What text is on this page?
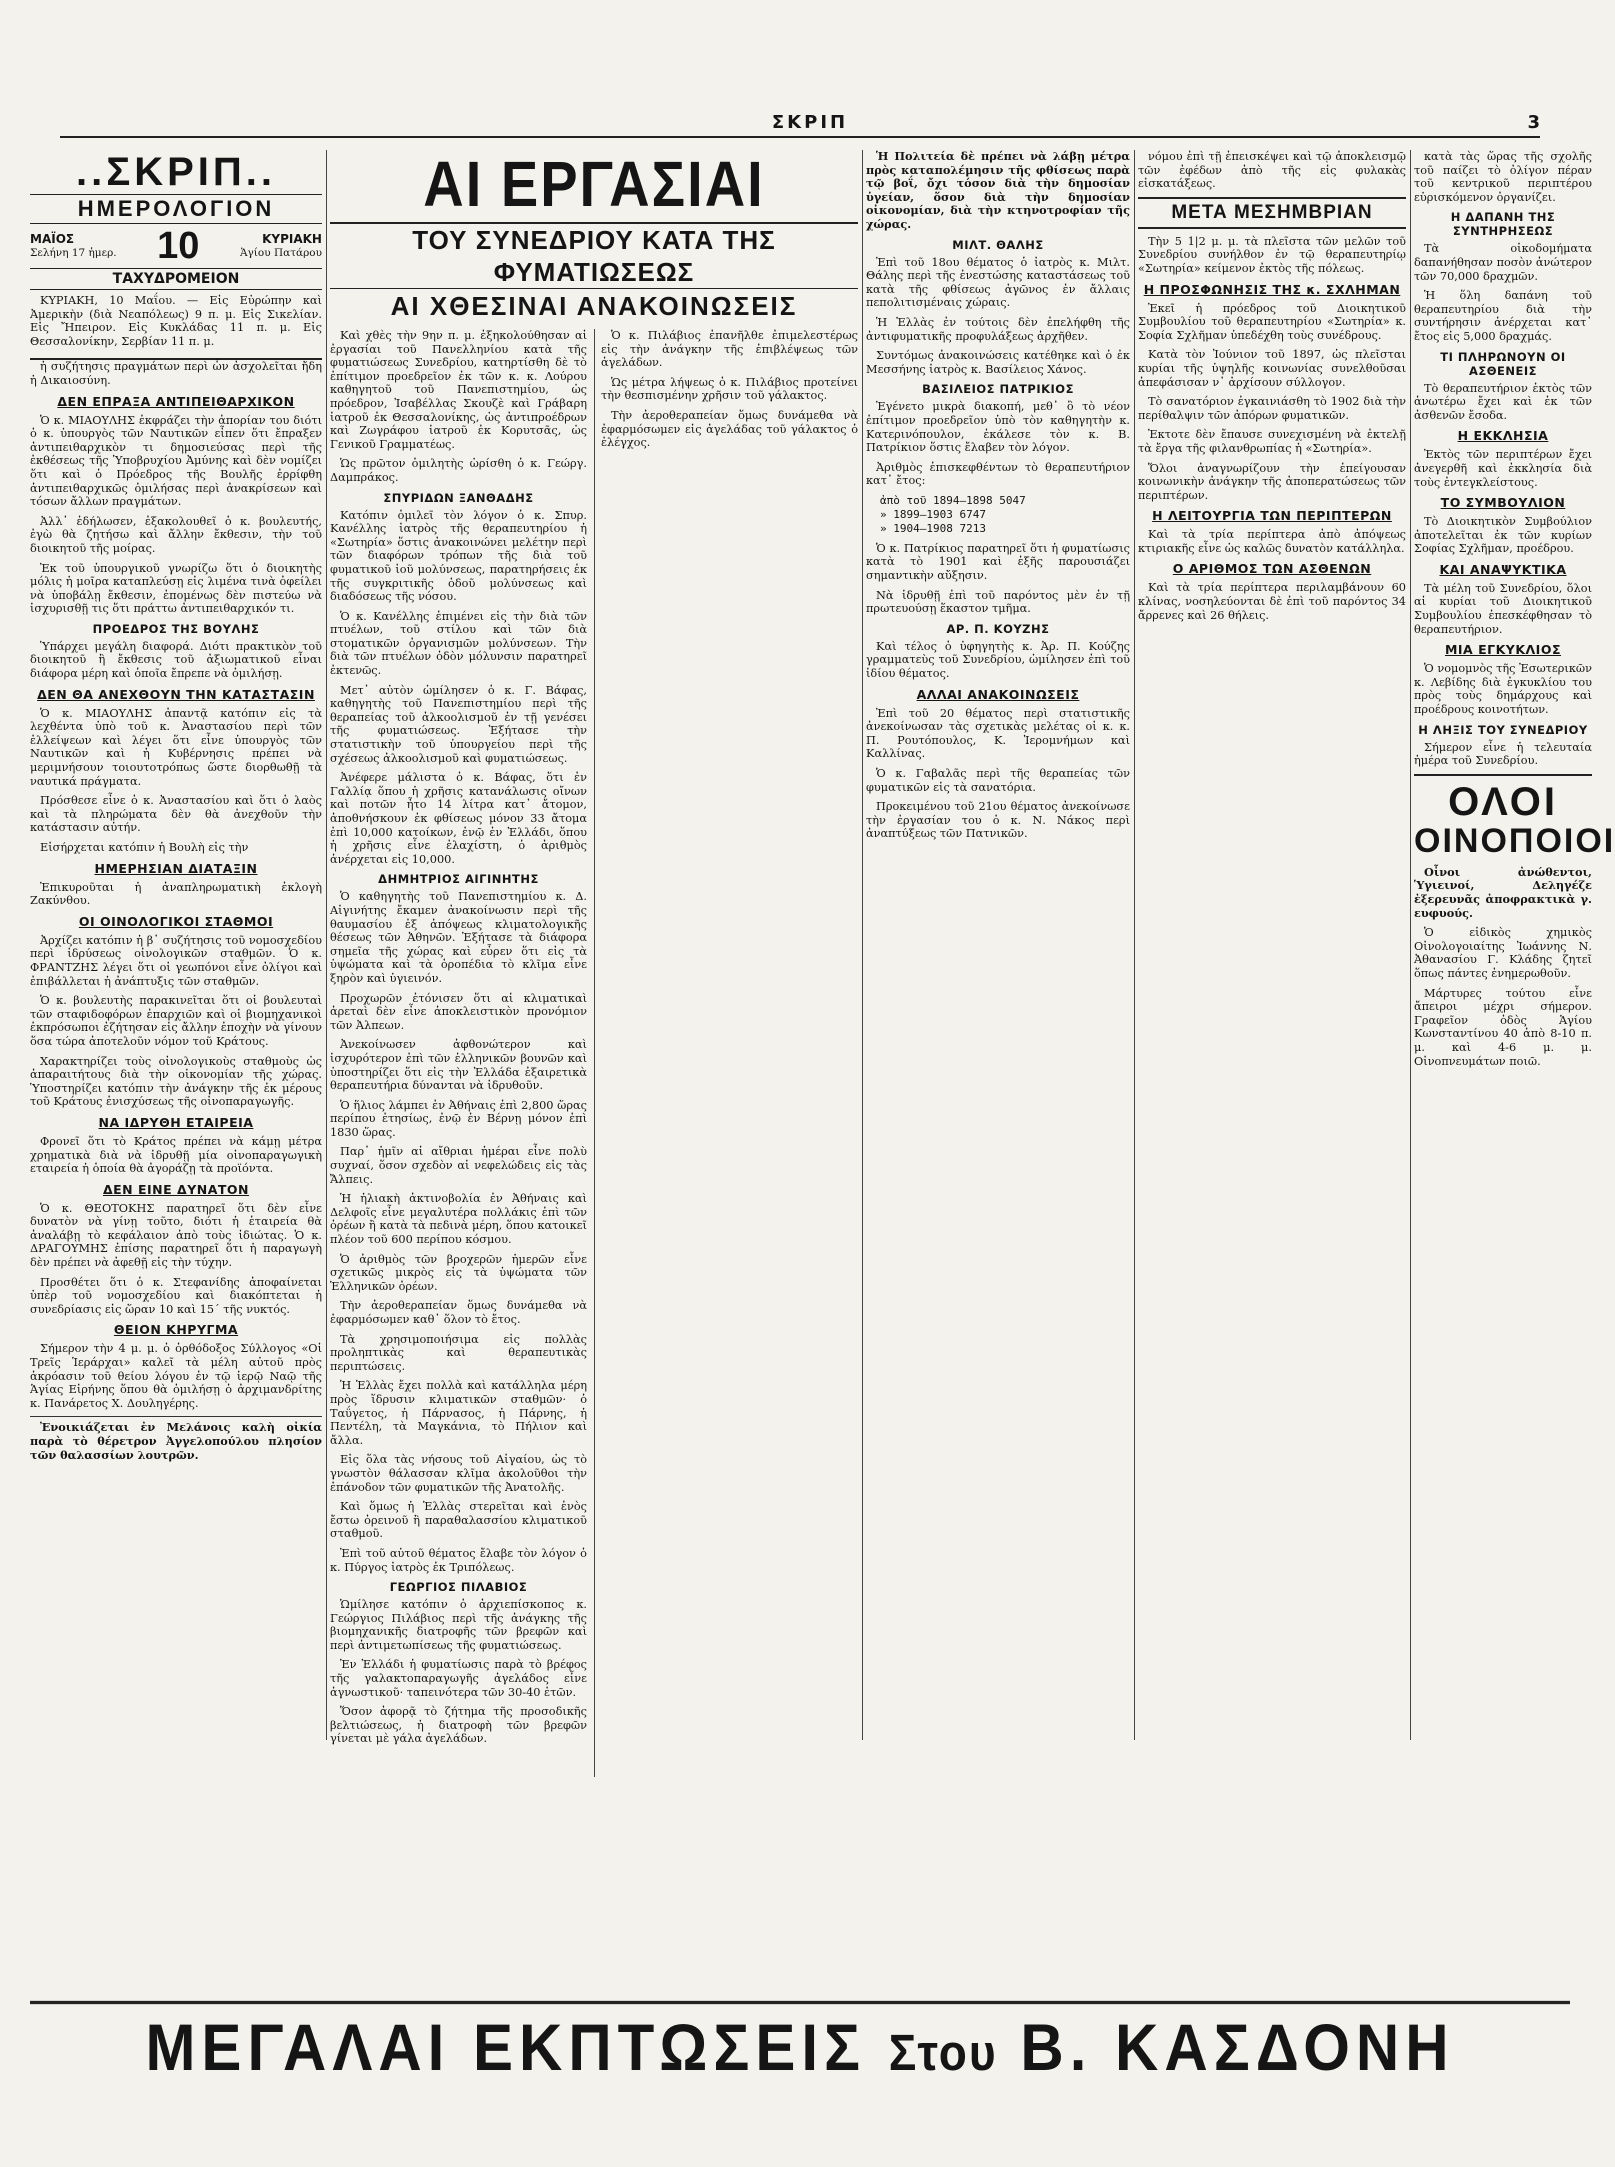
ΣΚΡΙΠ	3
..ΣΚΡΙΠ..
ΗΜΕΡΟΛΟΓΙΟΝ
ΜΑΪΟΣ
Σελήνη 17 ἡμερ. 10	ΚΥΡΙΑΚΗ
Ἁγίου Πατάρου
ΤΑΧΥΔΡΟΜΕΙΟΝ

ΚΥΡΙΑΚΗ, 10 Μαΐου. — Εἰς Εὐρώπην καὶ Ἀμερικὴν (διὰ Νεαπόλεως) 9 π. μ. Εἰς Σικελίαν. Εἰς Ἤπειρον. Εἰς Κυκλάδας 11 π. μ. Εἰς Θεσσαλονίκην, Σερβίαν 11 π. μ.

ἡ συζήτησις πραγμάτων περὶ ὧν ἀσχολεῖται ἤδη ἡ Δικαιοσύνη.

ΔΕΝ ΕΠΡΑΞΑ ΑΝΤΙΠΕΙΘΑΡΧΙΚΟΝ

Ὁ κ. ΜΙΑΟΥΛΗΣ ἐκφράζει τὴν ἀπορίαν του διότι ὁ κ. ὑπουργὸς τῶν Ναυτικῶν εἶπεν ὅτι ἔπραξεν ἀντιπειθαρχικὸν τι δημοσιεύσας περὶ τῆς ἐκθέσεως τῆς Ὑποβρυχίου Ἀμύνης καὶ δὲν νομίζει ὅτι καὶ ὁ Πρόεδρος τῆς Βουλῆς ἐρρίφθη ἀντιπειθαρχικῶς ὁμιλήσας περὶ ἀνακρίσεων καὶ τόσων ἄλλων πραγμάτων.

Ἀλλ᾽ ἐδήλωσεν, ἐξακολουθεῖ ὁ κ. βουλευτής, ἐγὼ θὰ ζητήσω καὶ ἄλλην ἔκθεσιν, τὴν τοῦ διοικητοῦ τῆς μοίρας.

Ἐκ τοῦ ὑπουργικοῦ γνωρίζω ὅτι ὁ διοικητὴς μόλις ἡ μοῖρα καταπλεύσῃ εἰς λιμένα τινὰ ὀφείλει νὰ ὑποβάλῃ ἔκθεσιν, ἐπομένως δὲν πιστεύω νὰ ἰσχυρισθῇ τις ὅτι πράττω ἀντιπειθαρχικόν τι.

ΠΡΟΕΔΡΟΣ ΤΗΣ ΒΟΥΛΗΣ

Ὑπάρχει μεγάλη διαφορά. Διότι πρακτικὸν τοῦ διοικητοῦ ἢ ἔκθεσις τοῦ ἀξιωματικοῦ εἶναι διάφορα μέρη καὶ ὁποῖα ἔπρεπε νὰ ὁμιλήσῃ.

ΔΕΝ ΘΑ ΑΝΕΧΘΟΥΝ ΤΗΝ ΚΑΤΑΣΤΑΣΙΝ

Ὁ κ. ΜΙΑΟΥΛΗΣ ἀπαντᾷ κατόπιν εἰς τὰ λεχθέντα ὑπὸ τοῦ κ. Ἀναστασίου περὶ τῶν ἐλλείψεων καὶ λέγει ὅτι εἶνε ὑπουργὸς τῶν Ναυτικῶν καὶ ἡ Κυβέρνησις πρέπει νὰ μεριμνήσουν τοιουτοτρόπως ὥστε διορθωθῇ τὰ ναυτικά πράγματα.

Πρόσθεσε εἶνε ὁ κ. Ἀναστασίου καὶ ὅτι ὁ λαὸς καὶ τὰ πληρώματα δὲν θὰ ἀνεχθοῦν τὴν κατάστασιν αὐτήν.

Εἰσήρχεται κατόπιν ἡ Βουλὴ εἰς τὴν

ΗΜΕΡΗΣΙΑΝ ΔΙΑΤΑΞΙΝ

Ἐπικυροῦται ἡ ἀναπληρωματικὴ ἐκλογὴ Ζακύνθου.

ΟΙ ΟΙΝΟΛΟΓΙΚΟΙ ΣΤΑΘΜΟΙ

Ἀρχίζει κατόπιν ἡ β᾽ συζήτησις τοῦ νομοσχεδίου περὶ ἱδρύσεως οἰνολογικῶν σταθμῶν. Ὁ κ. ΦΡΑΝΤΖΗΣ λέγει ὅτι οἱ γεωπόνοι εἶνε ὀλίγοι καὶ ἐπιβάλλεται ἡ ἀνάπτυξις τῶν σταθμῶν.

Ὁ κ. βουλευτὴς παρακινεῖται ὅτι οἱ βουλευταὶ τῶν σταφιδοφόρων ἐπαρχιῶν καὶ οἱ βιομηχανικοὶ ἐκπρόσωποι ἐζήτησαν εἰς ἄλλην ἐποχὴν νὰ γίνουν ὅσα τώρα ἀποτελοῦν νόμον τοῦ Κράτους.

Χαρακτηρίζει τοὺς οἰνολογικοὺς σταθμοὺς ὡς ἀπαραιτήτους διὰ τὴν οἰκονομίαν τῆς χώρας. Ὑποστηρίζει κατόπιν τὴν ἀνάγκην τῆς ἐκ μέρους τοῦ Κράτους ἐνισχύσεως τῆς οἰνοπαραγωγῆς.

ΝΑ ΙΔΡΥΘΗ ΕΤΑΙΡΕΙΑ

Φρονεῖ ὅτι τὸ Κράτος πρέπει νὰ κάμῃ μέτρα χρηματικὰ διὰ νὰ ἱδρυθῇ μία οἰνοπαραγωγικὴ εταιρεία ἡ ὁποία θὰ ἀγοράζῃ τὰ προϊόντα.

ΔΕΝ ΕΙΝΕ ΔΥΝΑΤΟΝ

Ὁ κ. ΘΕΟΤΟΚΗΣ παρατηρεῖ ὅτι δὲν εἶνε δυνατὸν νὰ γίνῃ τοῦτο, διότι ἡ ἑταιρεία θὰ ἀναλάβῃ τὸ κεφάλαιον ἀπὸ τοὺς ἰδιώτας. Ὁ κ. ΔΡΑΓΟΥΜΗΣ ἐπίσης παρατηρεῖ ὅτι ἡ παραγωγὴ δὲν πρέπει νὰ ἀφεθῇ εἰς τὴν τύχην.

Προσθέτει ὅτι ὁ κ. Στεφανίδης ἀποφαίνεται ὑπὲρ τοῦ νομοσχεδίου καὶ διακόπτεται ἡ συνεδρίασις εἰς ὥραν 10 καὶ 15΄ τῆς νυκτός.

ΘΕΙΟΝ ΚΗΡΥΓΜΑ

Σήμερον τὴν 4 μ. μ. ὁ ὀρθόδοξος Σύλλογος «Οἱ Τρεῖς Ἱεράρχαι» καλεῖ τὰ μέλη αὐτοῦ πρὸς ἀκρόασιν τοῦ θείου λόγου ἐν τῷ ἱερῷ Ναῷ τῆς Ἁγίας Εἰρήνης ὅπου θὰ ὁμιλήσῃ ὁ ἀρχιμανδρίτης κ. Πανάρετος Χ. Δουληγέρης.

Ἐνοικιάζεται ἐν Μελάνοις καλὴ οἰκία παρὰ τὸ θέρετρον Ἀγγελοπούλου πλησίον τῶν θαλασσίων λουτρῶν.

ΑΙ ΕΡΓΑΣΙΑΙ
ΤΟΥ ΣΥΝΕΔΡΙΟΥ ΚΑΤΑ ΤΗΣ ΦΥΜΑΤΙΩΣΕΩΣ
ΑΙ ΧΘΕΣΙΝΑΙ ΑΝΑΚΟΙΝΩΣΕΙΣ

Καὶ χθὲς τὴν 9ην π. μ. ἐξηκολούθησαν αἱ ἐργασίαι τοῦ Πανελληνίου κατὰ τῆς φυματιώσεως Συνεδρίου, κατηρτίσθη δὲ τὸ ἐπίτιμον προεδρεῖον ἐκ τῶν κ. κ. Λούρου καθηγητοῦ τοῦ Πανεπιστημίου, ὡς πρόεδρον, Ἰσαβέλλας Σκουζὲ καὶ Γράβαρη ἰατροῦ ἐκ Θεσσαλονίκης, ὡς ἀντιπροέδρων καὶ Ζωγράφου ἰατροῦ ἐκ Κορυτσᾶς, ὡς Γενικοῦ Γραμματέως.

Ὡς πρῶτον ὁμιλητὴς ὡρίσθη ὁ κ. Γεώργ. Δαμπράκος.

ΣΠΥΡΙΔΩΝ ΞΑΝΘΑΔΗΣ

Κατόπιν ὁμιλεῖ τὸν λόγον ὁ κ. Σπυρ. Κανέλλης ἰατρὸς τῆς θεραπευτηρίου ἡ «Σωτηρία» ὅστις ἀνακοινώνει μελέτην περὶ τῶν διαφόρων τρόπων τῆς διὰ τοῦ φυματικοῦ ἰοῦ μολύνσεως, παρατηρήσεις ἐκ τῆς συγκριτικῆς ὁδοῦ μολύνσεως καὶ διαδόσεως τῆς νόσου.

Ὁ κ. Κανέλλης ἐπιμένει εἰς τὴν διὰ τῶν πτυέλων, τοῦ στίλου καὶ τῶν διὰ στοματικῶν ὀργανισμῶν μολύνσεων. Τὴν διὰ τῶν πτυέλων ὁδὸν μόλυνσιν παρατηρεῖ ἐκτενῶς.

Μετ᾽ αὐτὸν ὡμίλησεν ὁ κ. Γ. Βάφας, καθηγητὴς τοῦ Πανεπιστημίου περὶ τῆς θεραπείας τοῦ ἀλκοολισμοῦ ἐν τῇ γενέσει τῆς φυματιώσεως. Ἐξήτασε τὴν στατιστικὴν τοῦ ὑπουργείου περὶ τῆς σχέσεως ἀλκοολισμοῦ καὶ φυματιώσεως.

Ἀνέφερε μάλιστα ὁ κ. Βάφας, ὅτι ἐν Γαλλίᾳ ὅπου ἡ χρῆσις κατανάλωσις οἴνων καὶ ποτῶν ἦτο 14 λίτρα κατ᾽ ἄτομον, ἀποθνήσκουν ἐκ φθίσεως μόνον 33 ἄτομα ἐπὶ 10,000 κατοίκων, ἐνῷ ἐν Ἑλλάδι, ὅπου ἡ χρῆσις εἶνε ἐλαχίστη, ὁ ἀριθμὸς ἀνέρχεται εἰς 10,000.

ΔΗΜΗΤΡΙΟΣ ΑΙΓΙΝΗΤΗΣ

Ὁ καθηγητὴς τοῦ Πανεπιστημίου κ. Δ. Αἰγινήτης ἔκαμεν ἀνακοίνωσιν περὶ τῆς θαυμασίου ἐξ ἀπόψεως κλιματολογικῆς θέσεως τῶν Ἀθηνῶν. Ἐξήτασε τὰ διάφορα σημεῖα τῆς χώρας καὶ εὗρεν ὅτι εἰς τὰ ὑψώματα καὶ τὰ ὀροπέδια τὸ κλῖμα εἶνε ξηρὸν καὶ ὑγιεινόν.

Προχωρῶν ἐτόνισεν ὅτι αἱ κλιματικαὶ ἀρεταὶ δὲν εἶνε ἀποκλειστικὸν προνόμιον τῶν Ἀλπεων.

Ἀνεκοίνωσεν ἀφθονώτερον καὶ ἰσχυρότερον ἐπὶ τῶν ἑλληνικῶν βουνῶν καὶ ὑποστηρίζει ὅτι εἰς τὴν Ἑλλάδα ἐξαιρετικὰ θεραπευτήρια δύνανται νὰ ἱδρυθοῦν.

Ὁ ἥλιος λάμπει ἐν Ἀθήναις ἐπὶ 2,800 ὥρας περίπου ἐτησίως, ἐνῷ ἐν Βέρνῃ μόνον ἐπὶ 1830 ὥρας.

Παρ᾽ ἡμῖν αἱ αἴθριαι ἡμέραι εἶνε πολὺ συχναί, ὅσον σχεδὸν αἱ νεφελώδεις εἰς τὰς Ἄλπεις.

Ἡ ἡλιακὴ ἀκτινοβολία ἐν Ἀθήναις καὶ Δελφοῖς εἶνε μεγαλυτέρα πολλάκις ἐπὶ τῶν ὀρέων ἢ κατὰ τὰ πεδινὰ μέρη, ὅπου κατοικεῖ πλέον τοῦ 600 περίπου κόσμου.

Ὁ ἀριθμὸς τῶν βροχερῶν ἡμερῶν εἶνε σχετικῶς μικρὸς εἰς τὰ ὑψώματα τῶν Ἑλληνικῶν ὀρέων.

Τὴν ἀεροθεραπείαν ὅμως δυνάμεθα νὰ ἐφαρμόσωμεν καθ᾽ ὅλον τὸ ἔτος.

Τὰ χρησιμοποιήσιμα εἰς πολλὰς προληπτικὰς καὶ θεραπευτικὰς περιπτώσεις.

Ἡ Ἑλλὰς ἔχει πολλὰ καὶ κατάλληλα μέρη πρὸς ἵδρυσιν κλιματικῶν σταθμῶν· ὁ Ταΰγετος, ἡ Πάρνασος, ἡ Πάρνης, ἡ Πεντέλη, τὰ Μαγκάνια, τὸ Πήλιον καὶ ἄλλα.

Εἰς ὅλα τὰς νήσους τοῦ Αἰγαίου, ὡς τὸ γνωστὸν θάλασσαν κλῖμα ἀκολοῦθοι τὴν ἐπάνοδον τῶν φυματικῶν τῆς Ἀνατολῆς.

Καὶ ὅμως ἡ Ἑλλὰς στερεῖται καὶ ἑνὸς ἔστω ὀρεινοῦ ἢ παραθαλασσίου κλιματικοῦ σταθμοῦ.

Ἐπὶ τοῦ αὐτοῦ θέματος ἔλαβε τὸν λόγον ὁ κ. Πύργος ἰατρὸς ἐκ Τριπόλεως.

ΓΕΩΡΓΙΟΣ ΠΙΛΑΒΙΟΣ

Ὡμίλησε κατόπιν ὁ ἀρχιεπίσκοπος κ. Γεώργιος Πιλάβιος περὶ τῆς ἀνάγκης τῆς βιομηχανικῆς διατροφῆς τῶν βρεφῶν καὶ περὶ ἀντιμετωπίσεως τῆς φυματιώσεως.

Ἐν Ἑλλάδι ἡ φυματίωσις παρὰ τὸ βρέφος τῆς γαλακτοπαραγωγῆς ἀγελάδος εἶνε ἀγνωστικοῦ· ταπεινότερα τῶν 30-40 ἐτῶν.

Ὅσον ἀφορᾷ τὸ ζήτημα τῆς προσοδικῆς βελτιώσεως, ἡ διατροφὴ τῶν βρεφῶν γίνεται μὲ γάλα ἀγελάδων.

Ὁ κ. Πιλάβιος ἐπανῆλθε ἐπιμελεστέρως εἰς τὴν ἀνάγκην τῆς ἐπιβλέψεως τῶν ἀγελάδων.

Ὡς μέτρα λήψεως ὁ κ. Πιλάβιος προτείνει τὴν θεσπισμένην χρῆσιν τοῦ γάλακτος.

Τὴν ἀεροθεραπείαν ὅμως δυνάμεθα νὰ ἐφαρμόσωμεν εἰς ἀγελάδας τοῦ γάλακτος ὁ ἐλέγχος.

Ἡ Πολιτεία δὲ πρέπει νὰ λάβῃ μέτρα πρὸς καταπολέμησιν τῆς φθίσεως παρὰ τῷ βοΐ, ὄχι τόσον διὰ τὴν δημοσίαν ὑγείαν, ὅσον διὰ τὴν δημοσίαν οἰκονομίαν, διὰ τὴν κτηνοτροφίαν τῆς χώρας.

ΜΙΛΤ. ΘΑΛΗΣ

Ἐπὶ τοῦ 18ου θέματος ὁ ἰατρὸς κ. Μιλτ. Θάλης περὶ τῆς ἐνεστώσης καταστάσεως τοῦ κατὰ τῆς φθίσεως ἀγῶνος ἐν ἄλλαις πεπολιτισμέναις χώραις.

Ἡ Ἑλλὰς ἐν τούτοις δὲν ἐπελήφθη τῆς ἀντιφυματικῆς προφυλάξεως ἀρχῆθεν.

Συντόμως ἀνακοινώσεις κατέθηκε καὶ ὁ ἐκ Μεσσήνης ἰατρὸς κ. Βασίλειος Χάνος.

ΒΑΣΙΛΕΙΟΣ ΠΑΤΡΙΚΙΟΣ

Ἐγένετο μικρὰ διακοπή, μεθ᾽ ὃ τὸ νέον ἐπίτιμον προεδρεῖον ὑπὸ τὸν καθηγητὴν κ. Κατερινόπουλον, ἐκάλεσε τὸν κ. Β. Πατρίκιον ὅστις ἔλαβεν τὸν λόγον.

Ἀριθμὸς ἐπισκεφθέντων τὸ θεραπευτήριον κατ᾽ ἔτος:

ἀπὸ τοῦ 1894—1898 5047
» 1899—1903 6747
» 1904—1908 7213

Ὁ κ. Πατρίκιος παρατηρεῖ ὅτι ἡ φυματίωσις κατὰ τὸ 1901 καὶ ἑξῆς παρουσιάζει σημαντικὴν αὔξησιν.

Νὰ ἱδρυθῇ ἐπὶ τοῦ παρόντος μὲν ἐν τῇ πρωτευούσῃ ἕκαστον τμῆμα.

ΑΡ. Π. ΚΟΥΖΗΣ

Καὶ τέλος ὁ ὑφηγητὴς κ. Ἀρ. Π. Κούζης γραμματεὺς τοῦ Συνεδρίου, ὡμίλησεν ἐπὶ τοῦ ἰδίου θέματος.

ΑΛΛΑΙ ΑΝΑΚΟΙΝΩΣΕΙΣ

Ἐπὶ τοῦ 20 θέματος περὶ στατιστικῆς ἀνεκοίνωσαν τὰς σχετικὰς μελέτας οἱ κ. κ. Π. Ρουτόπουλος, Κ. Ἱερομνήμων καὶ Καλλίνας.

Ὁ κ. Γαβαλᾶς περὶ τῆς θεραπείας τῶν φυματικῶν εἰς τὰ σανατόρια.

Προκειμένου τοῦ 21ου θέματος ἀνεκοίνωσε τὴν ἐργασίαν του ὁ κ. Ν. Νάκος περὶ ἀναπτύξεως τῶν Πατνικῶν.

νόμου ἐπὶ τῇ ἐπεισκέψει καὶ τῷ ἀποκλεισμῷ τῶν ἐφέδων ἀπὸ τῆς εἰς φυλακὰς εἰσκατάξεως.

ΜΕΤΑ ΜΕΣΗΜΒΡΙΑΝ

Τὴν 5 1|2 μ. μ. τὰ πλεῖστα τῶν μελῶν τοῦ Συνεδρίου συνήλθον ἐν τῷ θεραπευτηρίῳ «Σωτηρία» κείμενον ἐκτὸς τῆς πόλεως.

Η ΠΡΟΣΦΩΝΗΣΙΣ ΤΗΣ κ. ΣΧΛΗΜΑΝ

Ἐκεῖ ἡ πρόεδρος τοῦ Διοικητικοῦ Συμβουλίου τοῦ θεραπευτηρίου «Σωτηρία» κ. Σοφία Σχλῆμαν ὑπεδέχθη τοὺς συνέδρους.

Κατὰ τὸν Ἰούνιον τοῦ 1897, ὡς πλεῖσται κυρίαι τῆς ὑψηλῆς κοινωνίας συνελθοῦσαι ἀπεφάσισαν ν᾽ ἀρχίσουν σύλλογον.

Τὸ σανατόριον ἐγκαινιάσθη τὸ 1902 διὰ τὴν περίθαλψιν τῶν ἀπόρων φυματικῶν.

Ἐκτοτε δὲν ἔπαυσε συνεχισμένη νὰ ἐκτελῇ τὰ ἔργα τῆς φιλανθρωπίας ἡ «Σωτηρία».

Ὅλοι ἀναγνωρίζουν τὴν ἐπείγουσαν κοινωνικὴν ἀνάγκην τῆς ἀποπερατώσεως τῶν περιπτέρων.

Η ΛΕΙΤΟΥΡΓΙΑ ΤΩΝ ΠΕΡΙΠΤΕΡΩΝ

Καὶ τὰ τρία περίπτερα ἀπὸ ἀπόψεως κτιριακῆς εἶνε ὡς καλῶς δυνατὸν κατάλληλα.

Ο ΑΡΙΘΜΟΣ ΤΩΝ ΑΣΘΕΝΩΝ

Καὶ τὰ τρία περίπτερα περιλαμβάνουν 60 κλίνας, νοσηλεύονται δὲ ἐπὶ τοῦ παρόντος 34 ἄρρενες καὶ 26 θήλεις.

κατὰ τὰς ὥρας τῆς σχολῆς τοῦ παίζει τὸ ὀλίγον πέραν τοῦ κεντρικοῦ περιπτέρου εὑρισκόμενον ὀργανίζει.

Η ΔΑΠΑΝΗ ΤΗΣ ΣΥΝΤΗΡΗΣΕΩΣ

Τὰ οἰκοδομήματα δαπανήθησαν ποσὸν ἀνώτερον τῶν 70,000 δραχμῶν.

Ἡ ὅλη δαπάνη τοῦ θεραπευτηρίου διὰ τὴν συντήρησιν ἀνέρχεται κατ᾽ ἔτος εἰς 5,000 δραχμάς.

ΤΙ ΠΛΗΡΩΝΟΥΝ ΟΙ ΑΣΘΕΝΕΙΣ

Τὸ θεραπευτήριον ἐκτὸς τῶν ἀνωτέρω ἔχει καὶ ἐκ τῶν ἀσθενῶν ἔσοδα.

Η ΕΚΚΛΗΣΙΑ

Ἐκτὸς τῶν περιπτέρων ἔχει ἀνεγερθῆ καὶ ἐκκλησία διὰ τοὺς ἐντεγκλείστους.

ΤΟ ΣΥΜΒΟΥΛΙΟΝ

Τὸ Διοικητικὸν Συμβούλιον ἀποτελεῖται ἐκ τῶν κυρίων Σοφίας Σχλῆμαν, προέδρου.

ΚΑΙ ΑΝΑΨΥΚΤΙΚΑ

Τὰ μέλη τοῦ Συνεδρίου, ὅλοι αἱ κυρίαι τοῦ Διοικητικοῦ Συμβουλίου ἐπεσκέφθησαν τὸ θεραπευτήριον.

ΜΙΑ ΕΓΚΥΚΛΙΟΣ

Ὁ νομομνὸς τῆς Ἐσωτερικῶν κ. Λεβίδης διὰ ἐγκυκλίου του πρὸς τοὺς δημάρχους καὶ προέδρους κοινοτήτων.

Η ΛΗΞΙΣ ΤΟΥ ΣΥΝΕΔΡΙΟΥ

Σήμερον εἶνε ἡ τελευταία ἡμέρα τοῦ Συνεδρίου.

ΟΛΟΙ
ΟΙΝΟΠΟΙΟΙ

Οἶνοι ἀνώθεντοι, Ὑγιεινοί, Δεληγέζε ἐξερευνᾶς ἀποφρακτικὰ γ. ευφυούς.

Ὁ εἰδικὸς χημικὸς Οἰνολογοιαίτης Ἰωάννης Ν. Ἀθανασίου Γ. Κλάδης ζητεῖ ὅπως πάντες ἐνημερωθοῦν.

Μάρτυρες τούτου εἶνε ἄπειροι μέχρι σήμερον. Γραφεῖον ὁδὸς Ἁγίου Κωνσταντίνου 40 ἀπὸ 8-10 π. μ. καὶ 4-6 μ. μ. Οἰνοπνευμάτων ποιῶ.

ΜΕΓΑΛΑΙ ΕΚΠΤΩΣΕΙΣ Στου Β. ΚΑΣΔΟΝΗ
